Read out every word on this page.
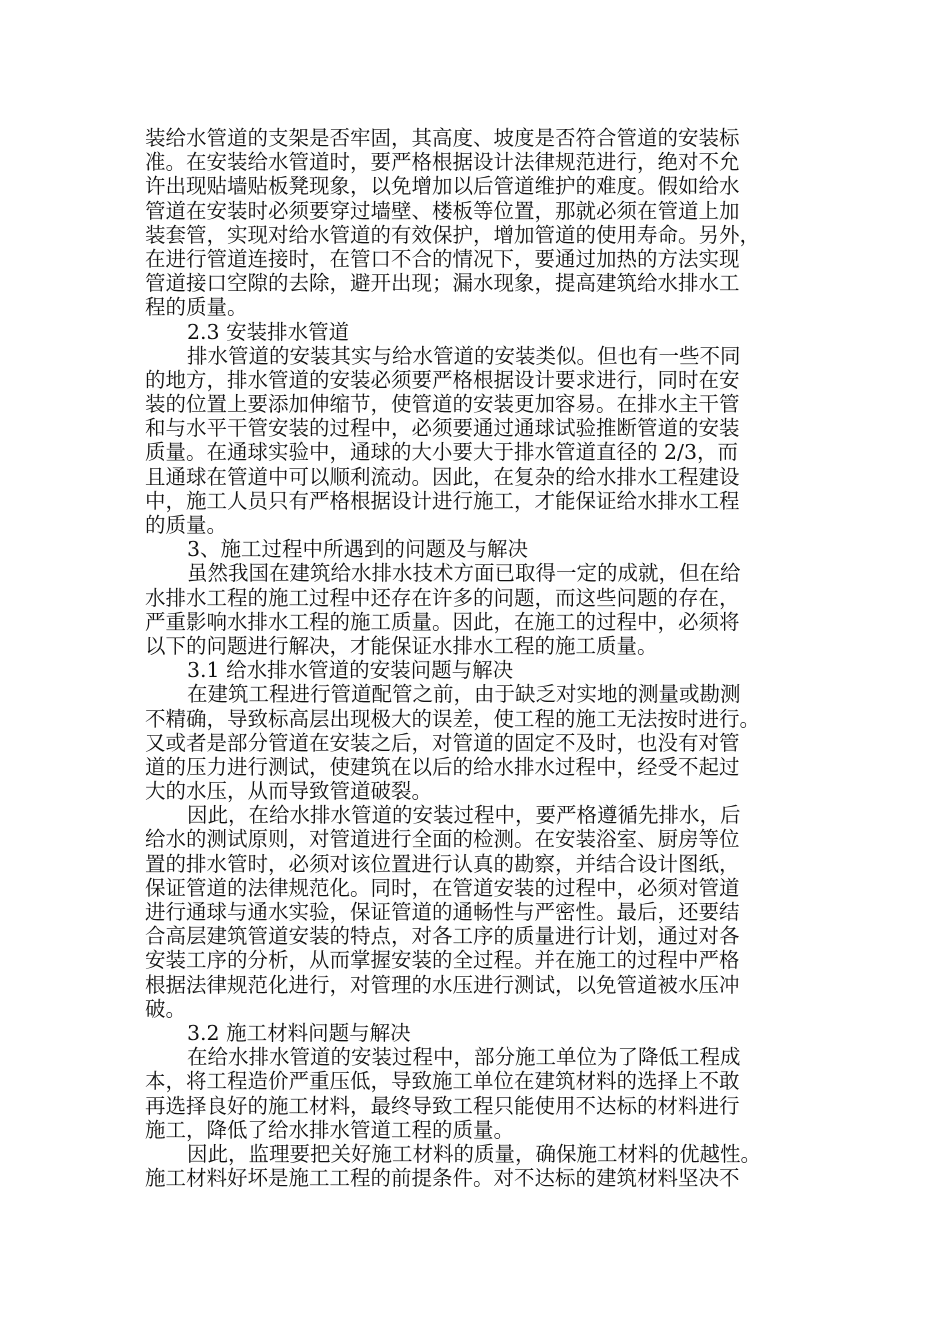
装给水管道的支架是否牢固，其高度、坡度是否符合管道的安装标
准。在安装给水管道时，要严格根据设计法律规范进行，绝对不允
许出现贴墙贴板凳现象，以免增加以后管道维护的难度。假如给水
管道在安装时必须要穿过墙壁、楼板等位置，那就必须在管道上加
装套管，实现对给水管道的有效保护，增加管道的使用寿命。另外，
在进行管道连接时，在管口不合的情况下，要通过加热的方法实现
管道接口空隙的去除，避开出现；漏水现象，提高建筑给水排水工
程的质量。
2.3 安装排水管道
排水管道的安装其实与给水管道的安装类似。但也有一些不同
的地方，排水管道的安装必须要严格根据设计要求进行，同时在安
装的位置上要添加伸缩节，使管道的安装更加容易。在排水主干管
和与水平干管安装的过程中，必须要通过通球试验推断管道的安装
质量。在通球实验中，通球的大小要大于排水管道直径的 2/3，而
且通球在管道中可以顺利流动。因此，在复杂的给水排水工程建设
中，施工人员只有严格根据设计进行施工，才能保证给水排水工程
的质量。
3、施工过程中所遇到的问题及与解决
虽然我国在建筑给水排水技术方面已取得一定的成就，但在给
水排水工程的施工过程中还存在许多的问题，而这些问题的存在，
严重影响水排水工程的施工质量。因此，在施工的过程中，必须将
以下的问题进行解决，才能保证水排水工程的施工质量。
3.1 给水排水管道的安装问题与解决
在建筑工程进行管道配管之前，由于缺乏对实地的测量或勘测
不精确，导致标高层出现极大的误差，使工程的施工无法按时进行。
又或者是部分管道在安装之后，对管道的固定不及时，也没有对管
道的压力进行测试，使建筑在以后的给水排水过程中，经受不起过
大的水压，从而导致管道破裂。
因此，在给水排水管道的安装过程中，要严格遵循先排水，后
给水的测试原则，对管道进行全面的检测。在安装浴室、厨房等位
置的排水管时，必须对该位置进行认真的勘察，并结合设计图纸，
保证管道的法律规范化。同时，在管道安装的过程中，必须对管道
进行通球与通水实验，保证管道的通畅性与严密性。最后，还要结
合高层建筑管道安装的特点，对各工序的质量进行计划，通过对各
安装工序的分析，从而掌握安装的全过程。并在施工的过程中严格
根据法律规范化进行，对管理的水压进行测试，以免管道被水压冲
破。
3.2 施工材料问题与解决
在给水排水管道的安装过程中，部分施工单位为了降低工程成
本，将工程造价严重压低，导致施工单位在建筑材料的选择上不敢
再选择良好的施工材料，最终导致工程只能使用不达标的材料进行
施工，降低了给水排水管道工程的质量。
因此，监理要把关好施工材料的质量，确保施工材料的优越性。
施工材料好坏是施工工程的前提条件。对不达标的建筑材料坚决不
